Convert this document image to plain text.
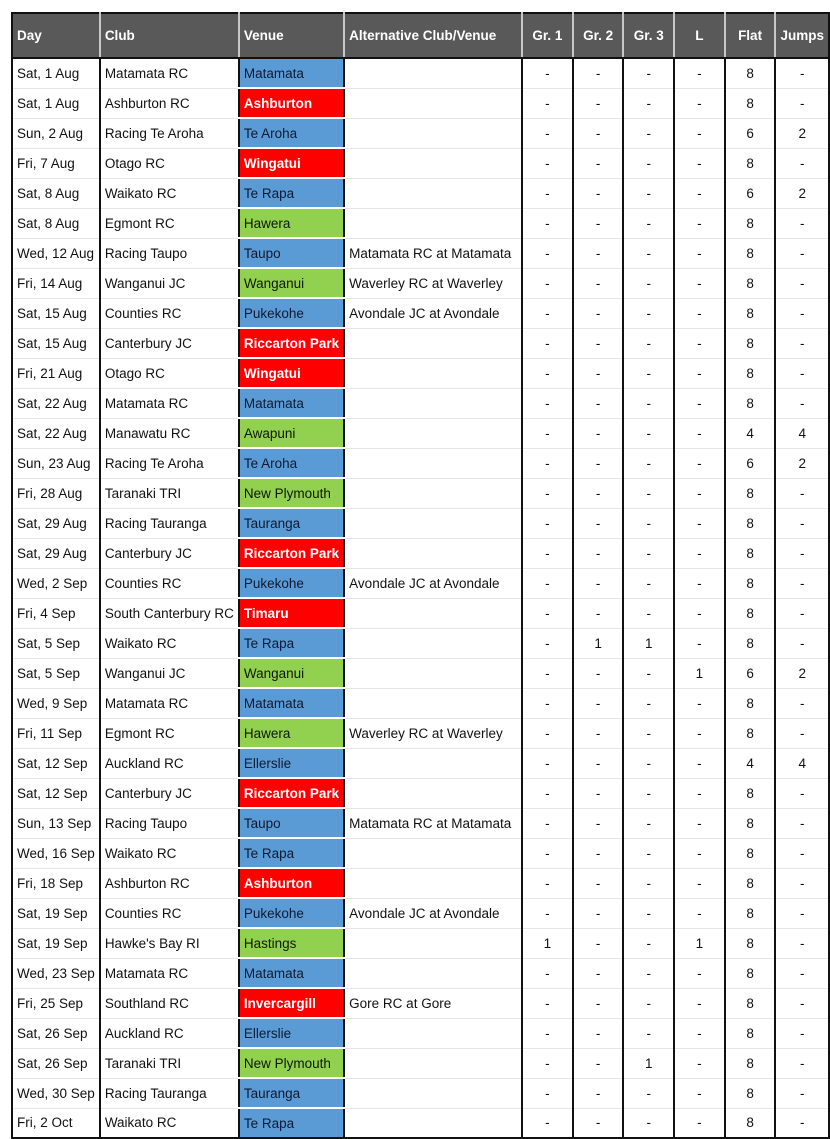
Day	Club	Venue	Alternative Club/Venue	Gr. 1	Gr. 2	Gr. 3	L	Flat	Jumps
Sat, 1 Aug	Matamata RC	Matamata		-	-	-	-	8	-
Sat, 1 Aug	Ashburton RC	Ashburton		-	-	-	-	8	-
Sun, 2 Aug	Racing Te Aroha	Te Aroha		-	-	-	-	6	2
Fri, 7 Aug	Otago RC	Wingatui		-	-	-	-	8	-
Sat, 8 Aug	Waikato RC	Te Rapa		-	-	-	-	6	2
Sat, 8 Aug	Egmont RC	Hawera		-	-	-	-	8	-
Wed, 12 Aug	Racing Taupo	Taupo	Matamata RC at Matamata	-	-	-	-	8	-
Fri, 14 Aug	Wanganui JC	Wanganui	Waverley RC at Waverley	-	-	-	-	8	-
Sat, 15 Aug	Counties RC	Pukekohe	Avondale JC at Avondale	-	-	-	-	8	-
Sat, 15 Aug	Canterbury JC	Riccarton Park		-	-	-	-	8	-
Fri, 21 Aug	Otago RC	Wingatui		-	-	-	-	8	-
Sat, 22 Aug	Matamata RC	Matamata		-	-	-	-	8	-
Sat, 22 Aug	Manawatu RC	Awapuni		-	-	-	-	4	4
Sun, 23 Aug	Racing Te Aroha	Te Aroha		-	-	-	-	6	2
Fri, 28 Aug	Taranaki TRI	New Plymouth		-	-	-	-	8	-
Sat, 29 Aug	Racing Tauranga	Tauranga		-	-	-	-	8	-
Sat, 29 Aug	Canterbury JC	Riccarton Park		-	-	-	-	8	-
Wed, 2 Sep	Counties RC	Pukekohe	Avondale JC at Avondale	-	-	-	-	8	-
Fri, 4 Sep	South Canterbury RC	Timaru		-	-	-	-	8	-
Sat, 5 Sep	Waikato RC	Te Rapa		-	1	1	-	8	-
Sat, 5 Sep	Wanganui JC	Wanganui		-	-	-	1	6	2
Wed, 9 Sep	Matamata RC	Matamata		-	-	-	-	8	-
Fri, 11 Sep	Egmont RC	Hawera	Waverley RC at Waverley	-	-	-	-	8	-
Sat, 12 Sep	Auckland RC	Ellerslie		-	-	-	-	4	4
Sat, 12 Sep	Canterbury JC	Riccarton Park		-	-	-	-	8	-
Sun, 13 Sep	Racing Taupo	Taupo	Matamata RC at Matamata	-	-	-	-	8	-
Wed, 16 Sep	Waikato RC	Te Rapa		-	-	-	-	8	-
Fri, 18 Sep	Ashburton RC	Ashburton		-	-	-	-	8	-
Sat, 19 Sep	Counties RC	Pukekohe	Avondale JC at Avondale	-	-	-	-	8	-
Sat, 19 Sep	Hawke's Bay RI	Hastings		1	-	-	1	8	-
Wed, 23 Sep	Matamata RC	Matamata		-	-	-	-	8	-
Fri, 25 Sep	Southland RC	Invercargill	Gore RC at Gore	-	-	-	-	8	-
Sat, 26 Sep	Auckland RC	Ellerslie		-	-	-	-	8	-
Sat, 26 Sep	Taranaki TRI	New Plymouth		-	-	1	-	8	-
Wed, 30 Sep	Racing Tauranga	Tauranga		-	-	-	-	8	-
Fri, 2 Oct	Waikato RC	Te Rapa		-	-	-	-	8	-
